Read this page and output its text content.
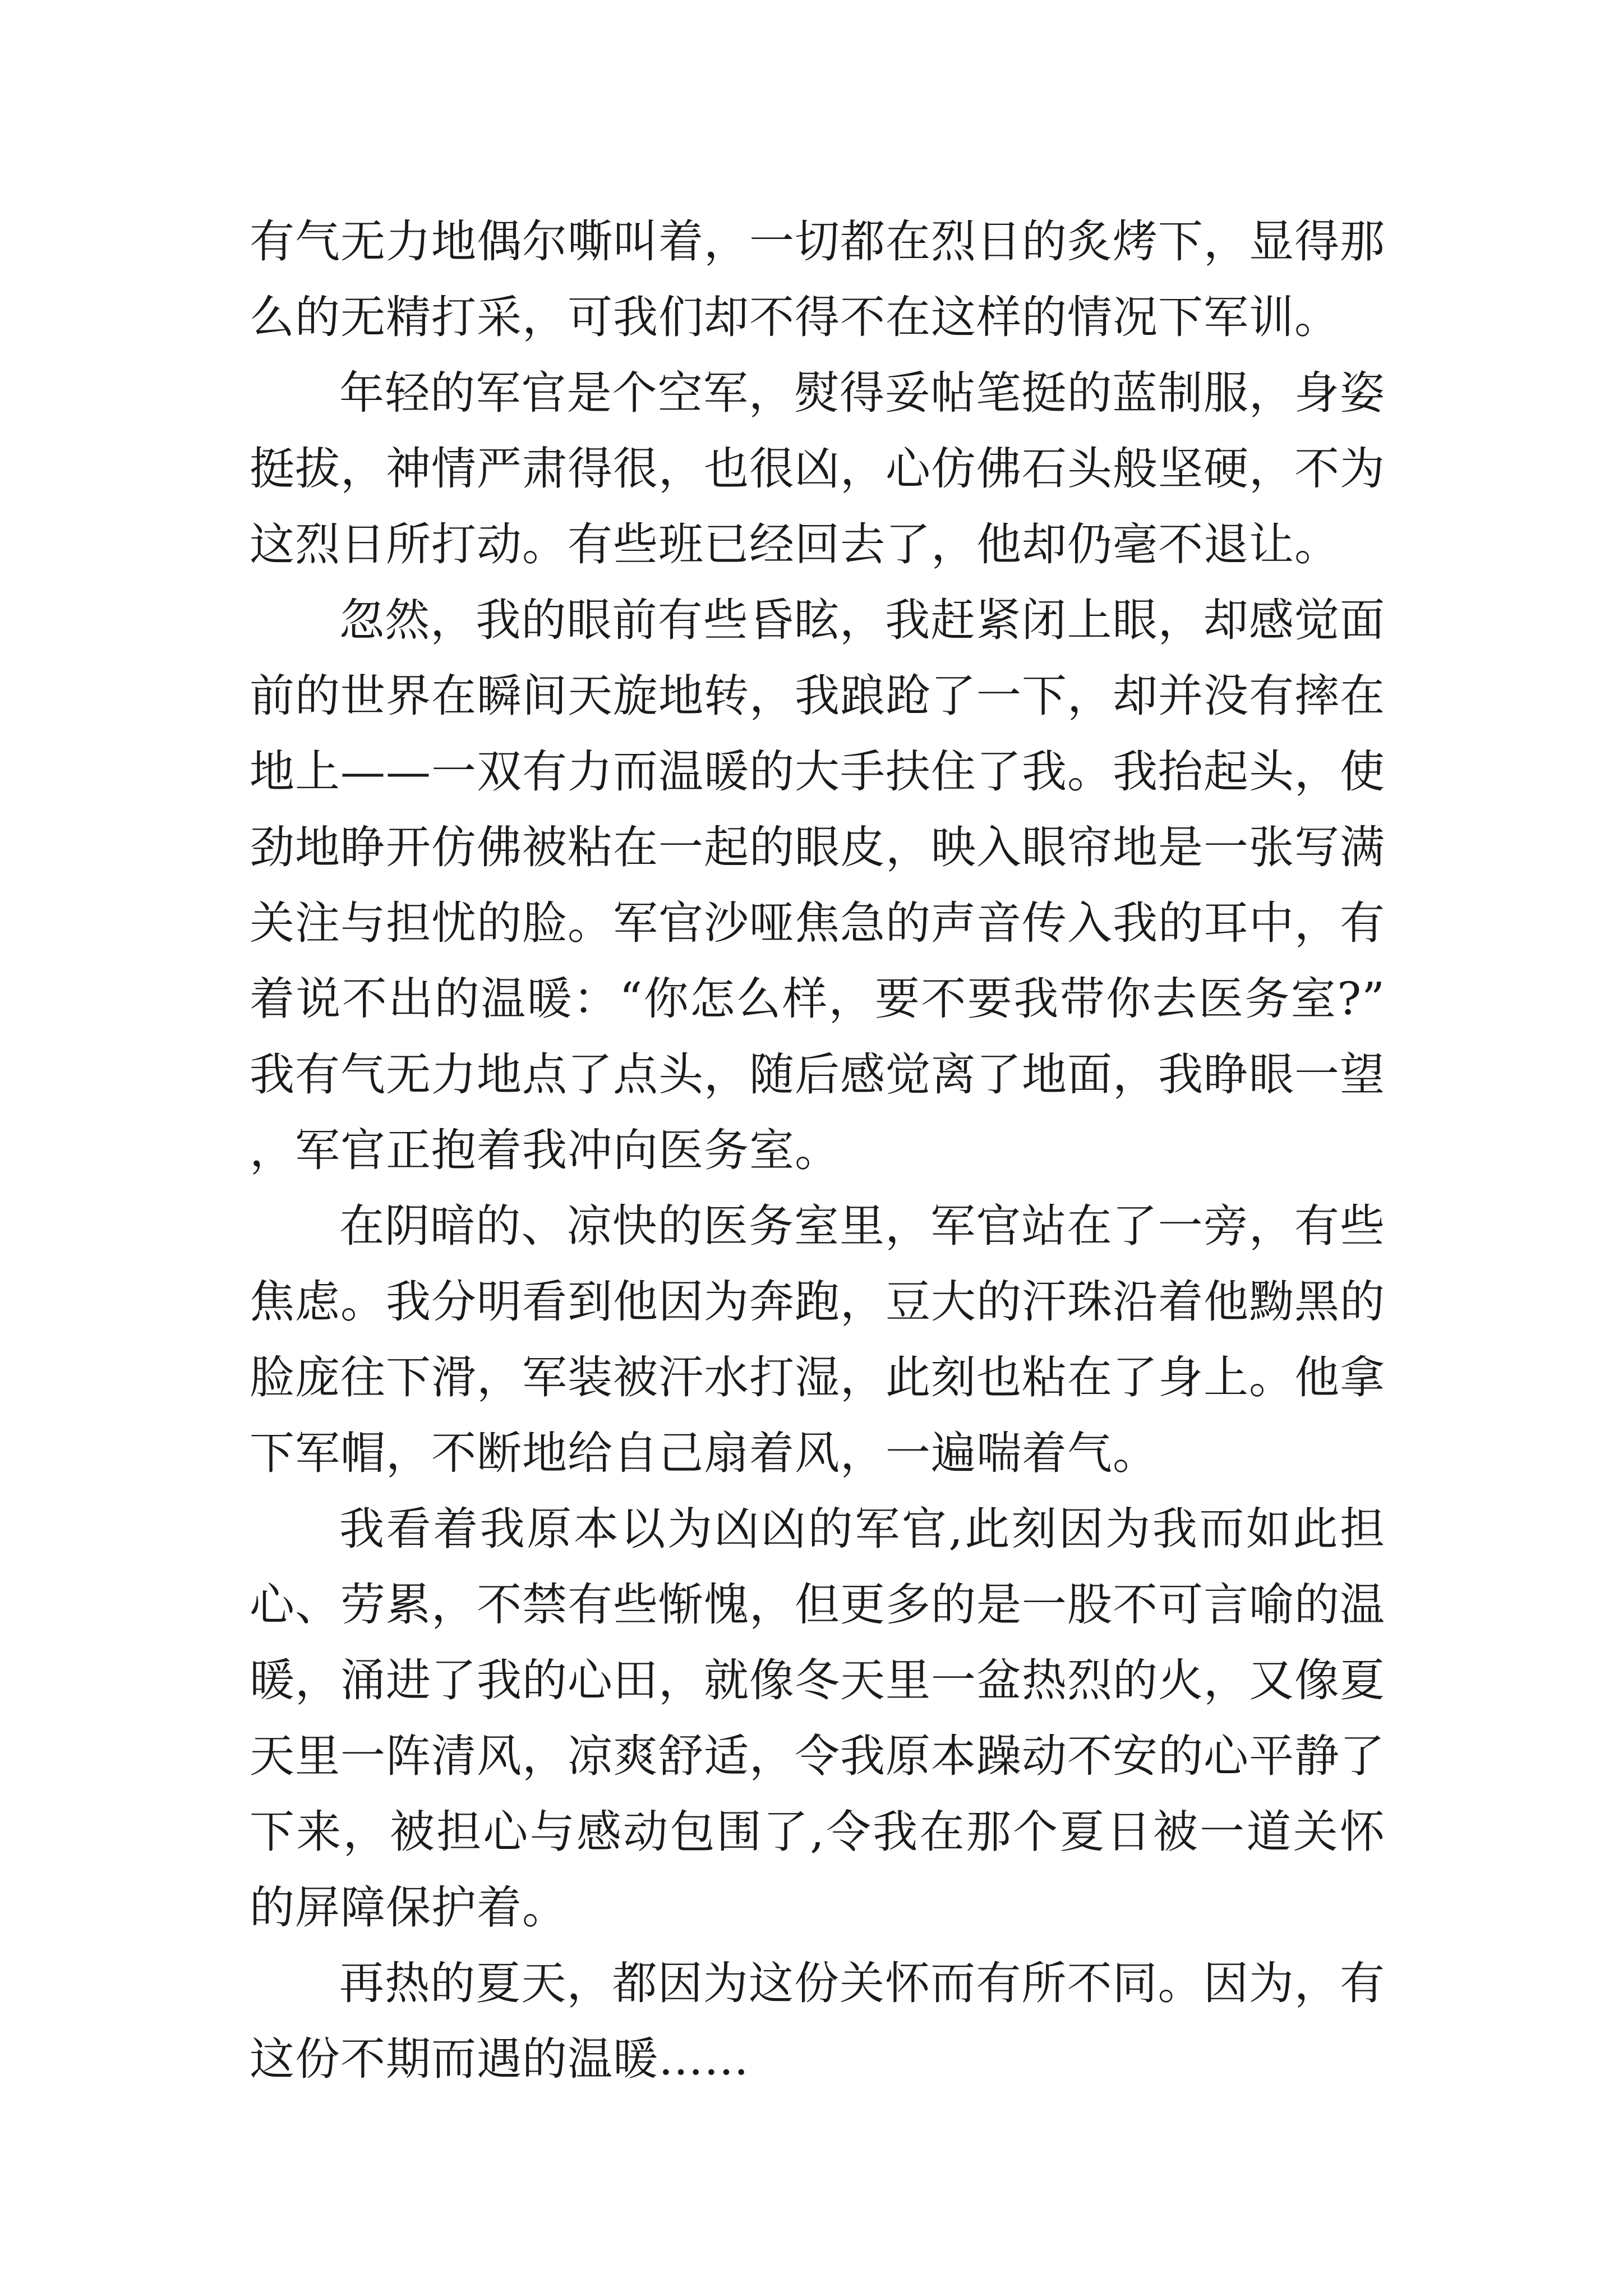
有气无力地偶尔嘶叫着，一切都在烈日的炙烤下，显得那么的无精打采，可我们却不得不在这样的情况下军训。

年轻的军官是个空军，熨得妥帖笔挺的蓝制服，身姿挺拔，神情严肃得很，也很凶，心仿佛石头般坚硬，不为这烈日所打动。有些班已经回去了，他却仍毫不退让。

忽然，我的眼前有些昏眩，我赶紧闭上眼，却感觉面前的世界在瞬间天旋地转，我踉跄了一下，却并没有摔在地上——一双有力而温暖的大手扶住了我。我抬起头，使劲地睁开仿佛被粘在一起的眼皮，映入眼帘地是一张写满关注与担忧的脸。军官沙哑焦急的声音传入我的耳中，有着说不出的温暖：“你怎么样，要不要我带你去医务室?”我有气无力地点了点头，随后感觉离了地面，我睁眼一望，军官正抱着我冲向医务室。

在阴暗的、凉快的医务室里，军官站在了一旁，有些焦虑。我分明看到他因为奔跑，豆大的汗珠沿着他黝黑的脸庞往下滑，军装被汗水打湿，此刻也粘在了身上。他拿下军帽，不断地给自己扇着风，一遍喘着气。

我看着我原本以为凶凶的军官,此刻因为我而如此担心、劳累，不禁有些惭愧，但更多的是一股不可言喻的温暖，涌进了我的心田，就像冬天里一盆热烈的火，又像夏天里一阵清风，凉爽舒适，令我原本躁动不安的心平静了下来，被担心与感动包围了,令我在那个夏日被一道关怀的屏障保护着。

再热的夏天，都因为这份关怀而有所不同。因为，有这份不期而遇的温暖……
